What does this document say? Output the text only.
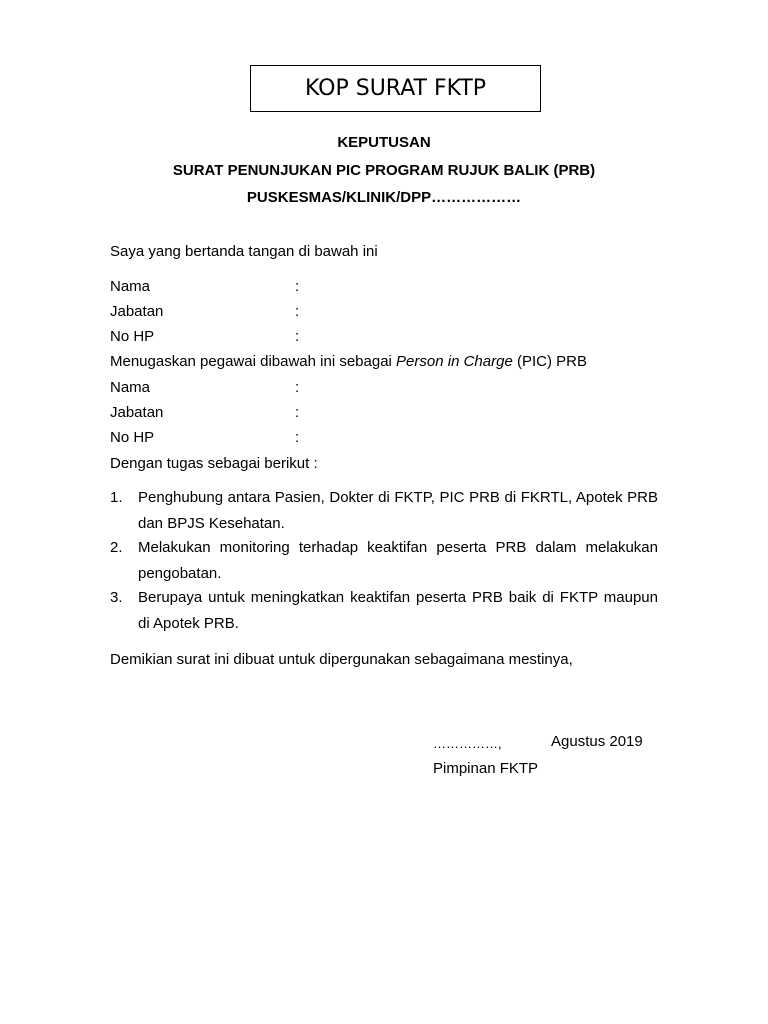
KOP SURAT FKTP
KEPUTUSAN
SURAT PENUNJUKAN PIC PROGRAM RUJUK BALIK (PRB)
PUSKESMAS/KLINIK/DPP………………
Saya yang bertanda tangan di bawah ini
Nama	:
Jabatan	:
No HP	:
Menugaskan pegawai dibawah ini sebagai Person in Charge (PIC) PRB
Nama	:
Jabatan	:
No HP	:
Dengan tugas sebagai berikut :
1. Penghubung antara Pasien, Dokter di FKTP, PIC PRB di FKRTL, Apotek PRB dan BPJS Kesehatan.
2. Melakukan monitoring terhadap keaktifan peserta PRB dalam melakukan pengobatan.
3. Berupaya untuk meningkatkan keaktifan peserta PRB baik di FKTP maupun di Apotek PRB.
Demikian surat ini dibuat untuk dipergunakan sebagaimana mestinya,
……………,	Agustus 2019
Pimpinan FKTP
